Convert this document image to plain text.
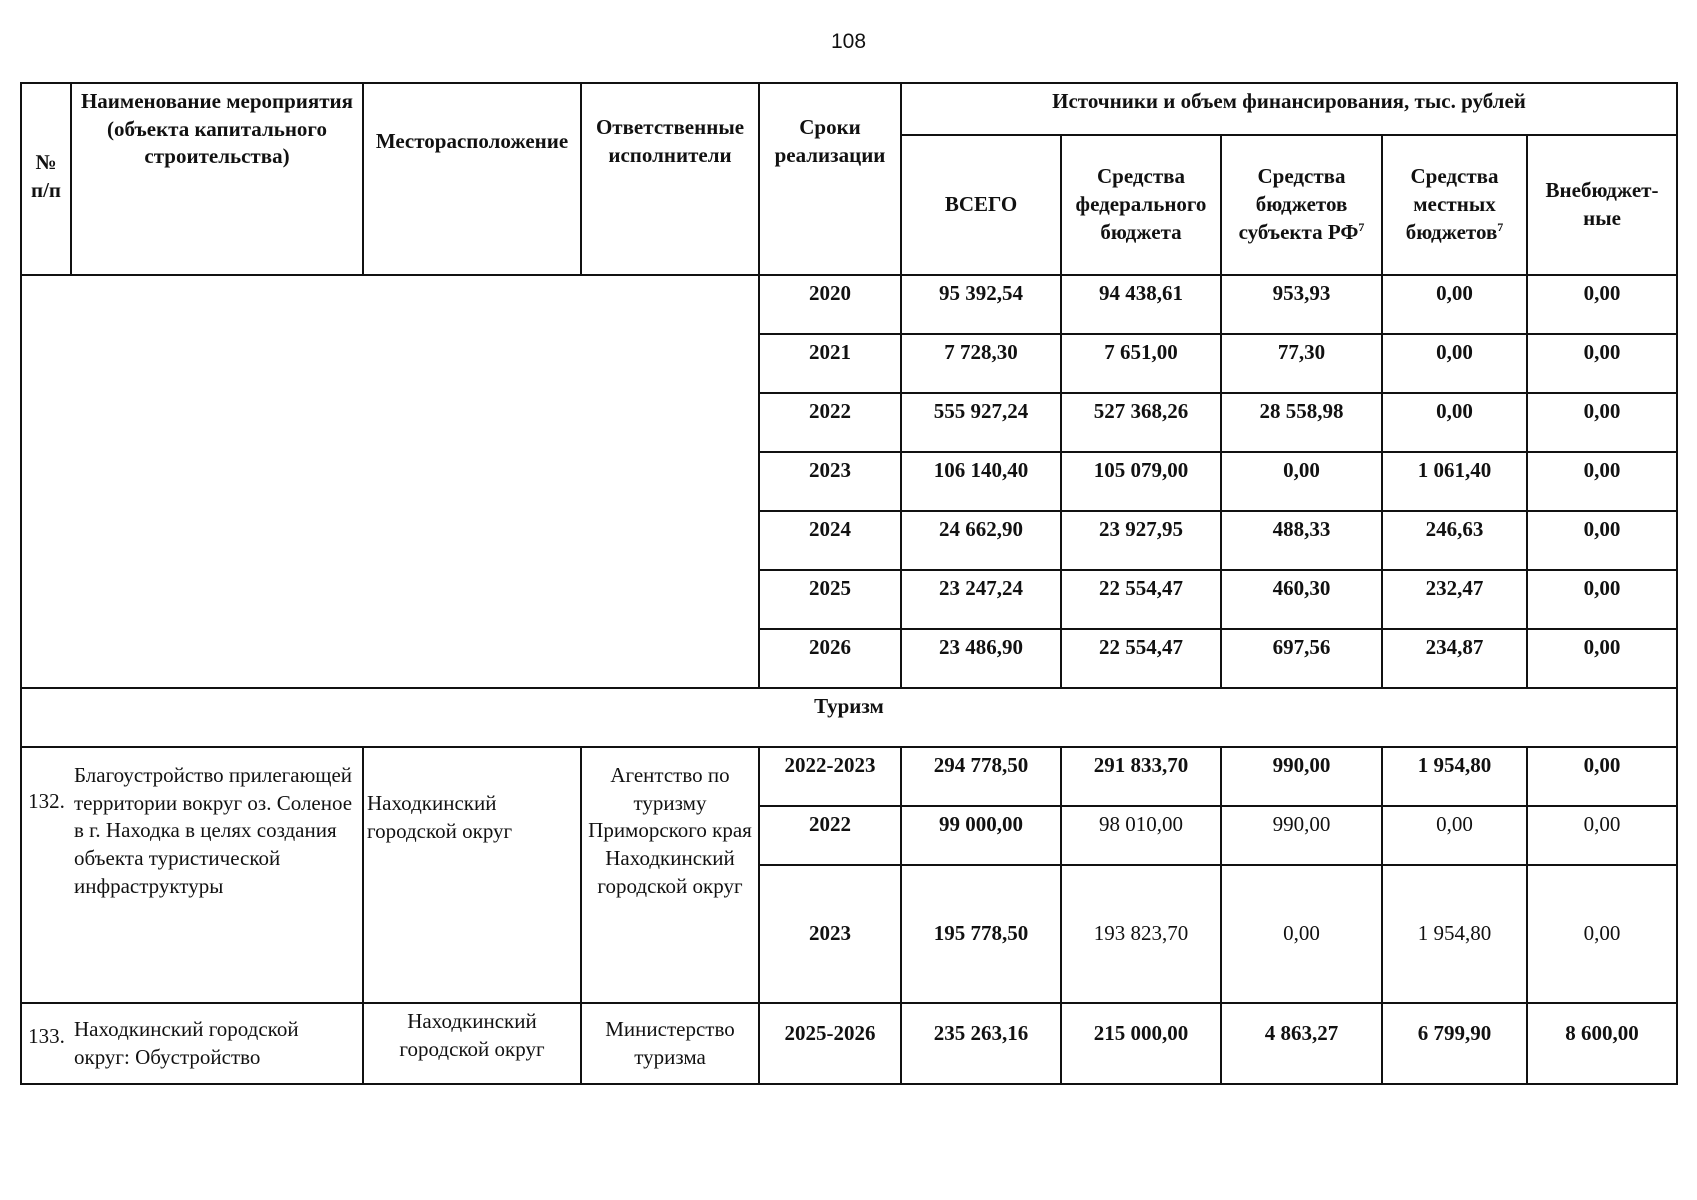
108
№ п/п	Наименование мероприятия (объекта капитального строительства)	Месторасположение	Ответственные исполнители	Сроки реализации	Источники и объем финансирования, тыс. рублей				
					ВСЕГО	Средства федерального бюджета	Средства бюджетов субъекта $РФ^7$	Средства местных бюджетов$^7$	Внебюджет-ные
				2020	95 392,54	94 438,61	953,93	0,00	0,00
				2021	7 728,30	7 651,00	77,30	0,00	0,00
				2022	555 927,24	527 368,26	28 558,98	0,00	0,00
				2023	106 140,40	105 079,00	0,00	1 061,40	0,00
				2024	24 662,90	23 927,95	488,33	246,63	0,00
				2025	23 247,24	22 554,47	460,30	232,47	0,00
				2026	23 486,90	22 554,47	697,56	234,87	0,00
Туризм									
132.	Благоустройство прилегающей территории вокруг оз. Соленое в г. Находка в целях создания объекта туристической инфраструктуры	Находкинский городской округ	Агентство по туризму Приморского края Находкинский городской округ	2022-2023	294 778,50	291 833,70	990,00	1 954,80	0,00
				2022	99 000,00	98 010,00	990,00	0,00	0,00
				2023	195 778,50	193 823,70	0,00	1 954,80	0,00
133.	Находкинский городской округ: Обустройство	Находкинский городской округ	Министерство туризма	2025-2026	235 263,16	215 000,00	4 863,27	6 799,90	8 600,00
